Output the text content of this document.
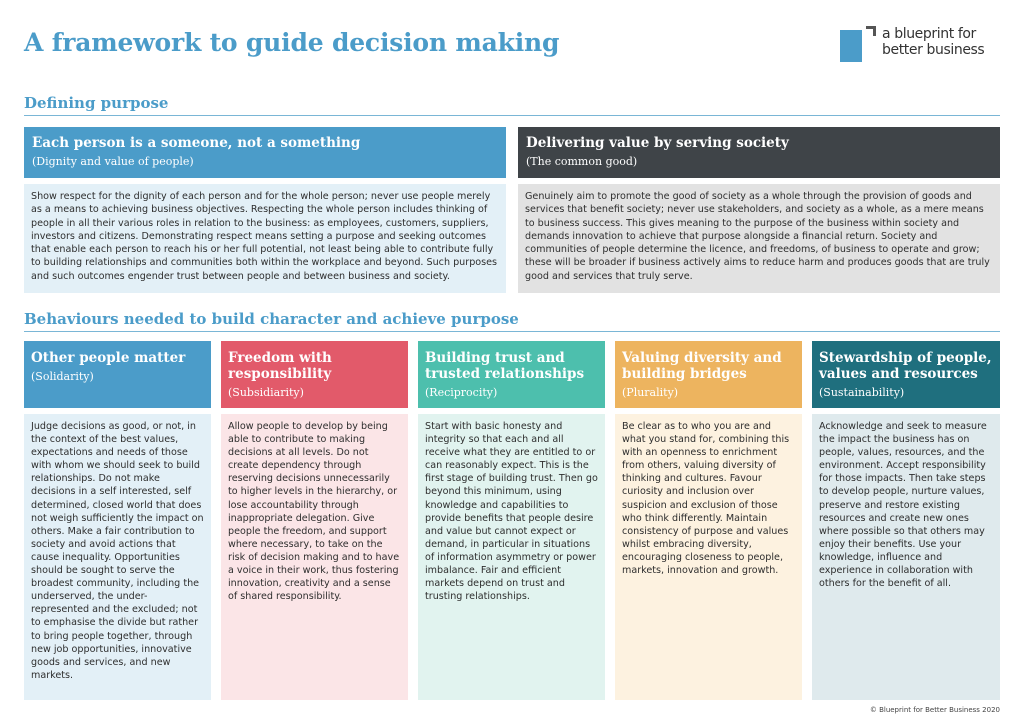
A framework to guide decision making	a blueprint for
better business
Defining purpose
Each person is a someone, not a something
(Dignity and value of people)
Show respect for the dignity of each person and for the whole person; never use people merely as a means to achieving business objectives. Respecting the whole person includes thinking of people in all their various roles in relation to the business: as employees, customers, suppliers, investors and citizens. Demonstrating respect means setting a purpose and seeking outcomes that enable each person to reach his or her full potential, not least being able to contribute fully to building relationships and communities both within the workplace and beyond. Such purposes and such outcomes engender trust between people and between business and society.
Delivering value by serving society
(The common good)
Genuinely aim to promote the good of society as a whole through the provision of goods and services that benefit society; never use stakeholders, and society as a whole, as a mere means to business success. This gives meaning to the purpose of the business within society and demands innovation to achieve that purpose alongside a financial return. Society and communities of people determine the licence, and freedoms, of business to operate and grow; these will be broader if business actively aims to reduce harm and produces goods that are truly good and services that truly serve.
Behaviours needed to build character and achieve purpose
Other people matter
(Solidarity)
Judge decisions as good, or not, in the context of the best values, expectations and needs of those with whom we should seek to build relationships. Do not make decisions in a self interested, self determined, closed world that does not weigh sufficiently the impact on others. Make a fair contribution to society and avoid actions that cause inequality. Opportunities should be sought to serve the broadest community, including the underserved, the under-represented and the excluded; not to emphasise the divide but rather to bring people together, through new job opportunities, innovative goods and services, and new markets.
Freedom with responsibility
(Subsidiarity)
Allow people to develop by being able to contribute to making decisions at all levels. Do not create dependency through reserving decisions unnecessarily to higher levels in the hierarchy, or lose accountability through inappropriate delegation. Give people the freedom, and support where necessary, to take on the risk of decision making and to have a voice in their work, thus fostering innovation, creativity and a sense of shared responsibility.
Building trust and trusted relationships
(Reciprocity)
Start with basic honesty and integrity so that each and all receive what they are entitled to or can reasonably expect. This is the first stage of building trust. Then go beyond this minimum, using knowledge and capabilities to provide benefits that people desire and value but cannot expect or demand, in particular in situations of information asymmetry or power imbalance. Fair and efficient markets depend on trust and trusting relationships.
Valuing diversity and building bridges
(Plurality)
Be clear as to who you are and what you stand for, combining this with an openness to enrichment from others, valuing diversity of thinking and cultures. Favour curiosity and inclusion over suspicion and exclusion of those who think differently. Maintain consistency of purpose and values whilst embracing diversity, encouraging closeness to people, markets, innovation and growth.
Stewardship of people, values and resources
(Sustainability)
Acknowledge and seek to measure the impact the business has on people, values, resources, and the environment. Accept responsibility for those impacts. Then take steps to develop people, nurture values, preserve and restore existing resources and create new ones where possible so that others may enjoy their benefits. Use your knowledge, influence and experience in collaboration with others for the benefit of all.
© Blueprint for Better Business 2020
